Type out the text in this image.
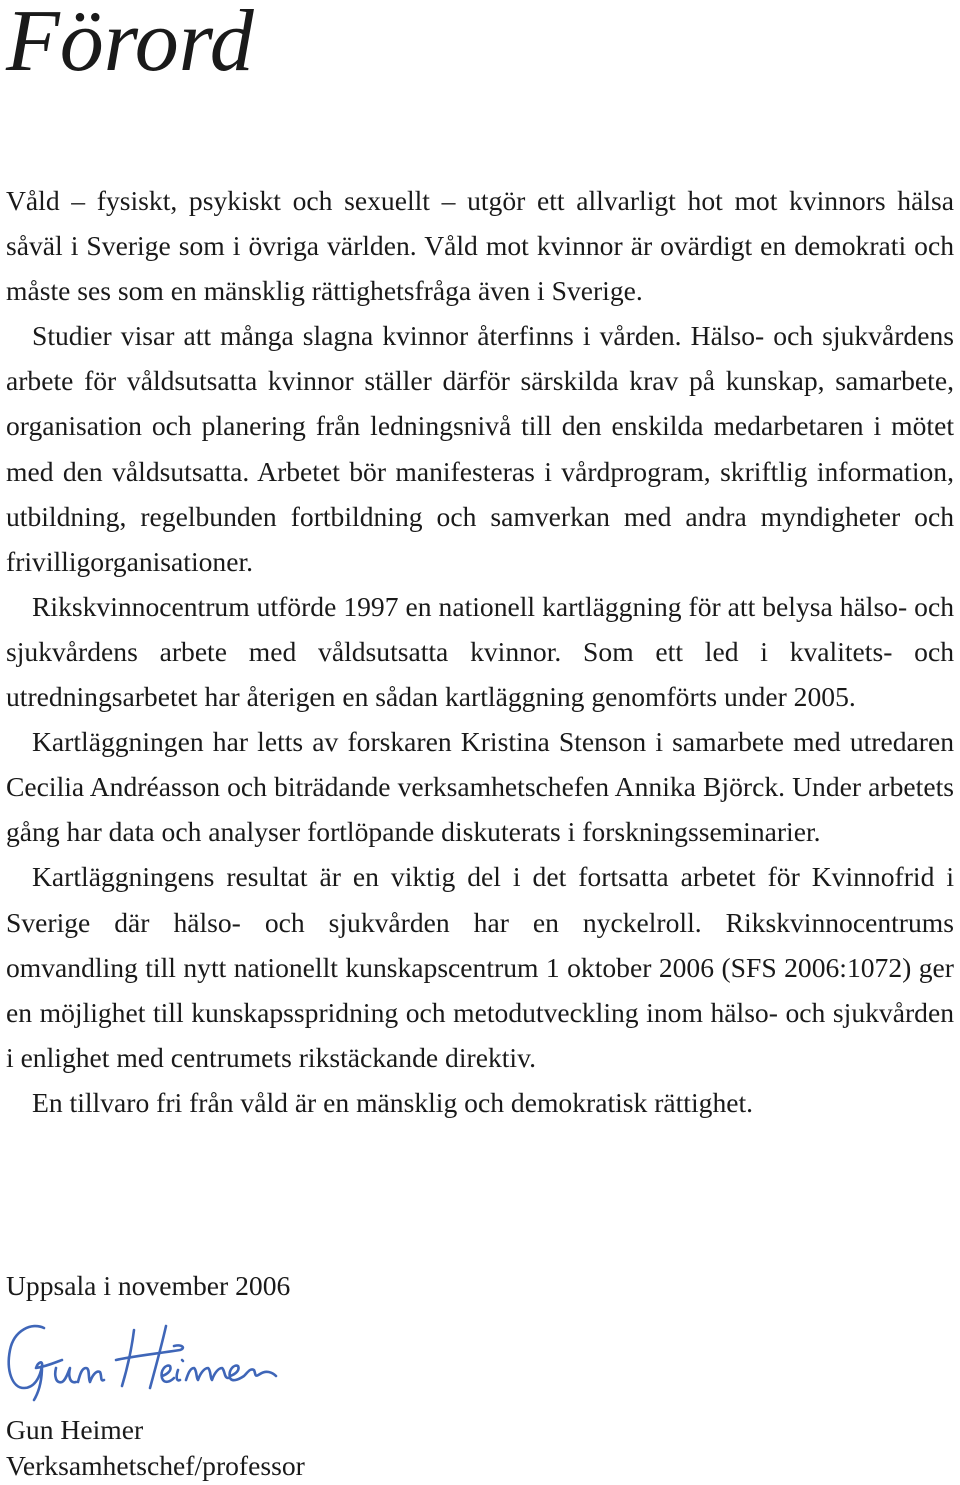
Förord

Våld – fysiskt, psykiskt och sexuellt – utgör ett allvarligt hot mot kvinnors hälsa såväl i Sverige som i övriga världen. Våld mot kvinnor är ovärdigt en demokrati och måste ses som en mänsklig rättighetsfråga även i Sverige.

Studier visar att många slagna kvinnor återfinns i vården. Hälso- och sjukvårdens arbete för våldsutsatta kvinnor ställer därför särskilda krav på kunskap, samarbete, organisation och planering från ledningsnivå till den enskilda medarbetaren i mötet med den våldsutsatta. Arbetet bör manifesteras i vårdprogram, skriftlig information, utbildning, regelbunden fortbildning och samverkan med andra myndigheter och frivilligorganisationer.

Rikskvinnocentrum utförde 1997 en nationell kartläggning för att belysa hälso- och sjukvårdens arbete med våldsutsatta kvinnor. Som ett led i kvalitets- och utredningsarbetet har återigen en sådan kartläggning genomförts under 2005.

Kartläggningen har letts av forskaren Kristina Stenson i samarbete med utredaren Cecilia Andréasson och biträdande verksamhetschefen Annika Björck. Under arbetets gång har data och analyser fortlöpande diskuterats i forskningsseminarier.

Kartläggningens resultat är en viktig del i det fortsatta arbetet för Kvinnofrid i Sverige där hälso- och sjukvården har en nyckelroll. Rikskvinnocentrums omvandling till nytt nationellt kunskapscentrum 1 oktober 2006 (SFS 2006:1072) ger en möjlighet till kunskapsspridning och metodutveckling inom hälso- och sjukvården i enlighet med centrumets rikstäckande direktiv.

En tillvaro fri från våld är en mänsklig och demokratisk rättighet.

Uppsala i november 2006

Gun Heimer

Verksamhetschef/professor
